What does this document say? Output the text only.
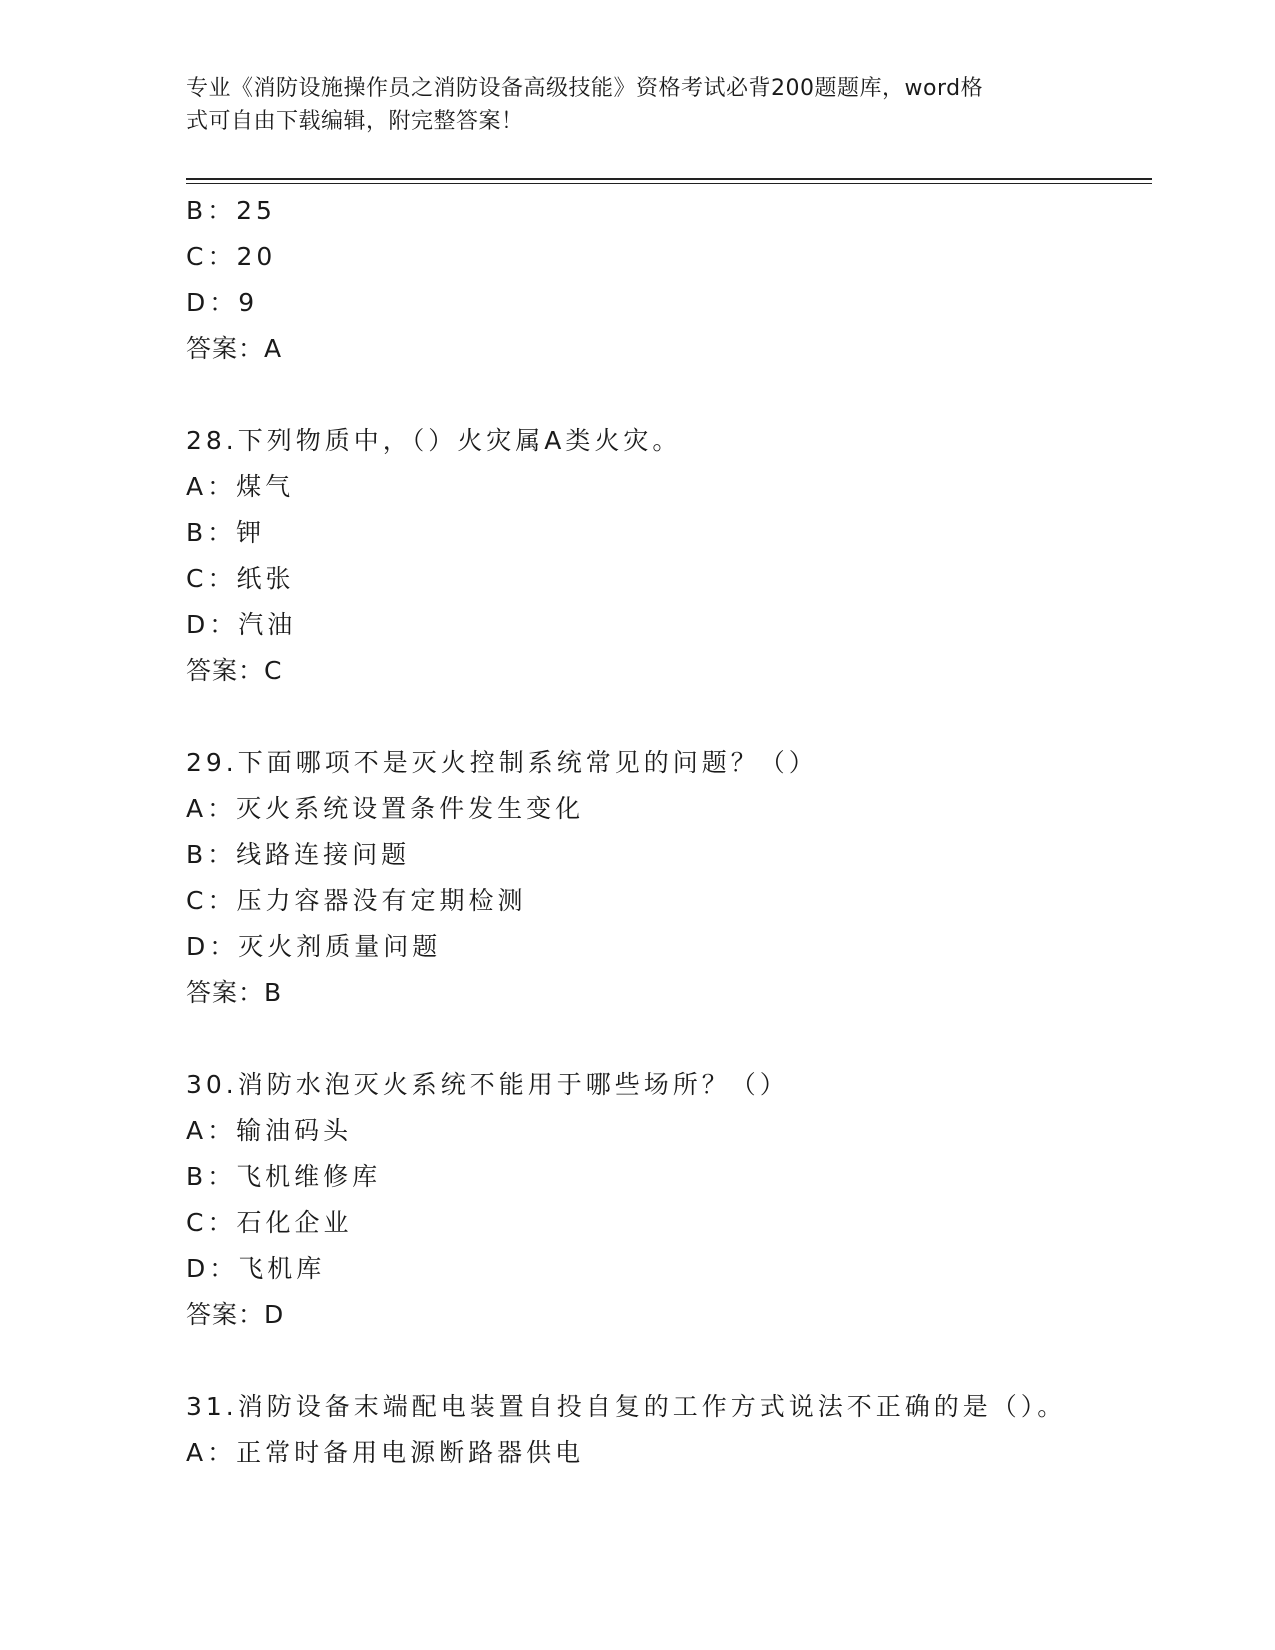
专业《消防设施操作员之消防设备高级技能》资格考试必背200题题库，word格
式可自由下载编辑，附完整答案！
B：25
C：20
D：9
答案：A
28.下列物质中，（）火灾属A类火灾。
A：煤气
B：钾
C：纸张
D：汽油
答案：C
29.下面哪项不是灭火控制系统常见的问题？（）
A：灭火系统设置条件发生变化
B：线路连接问题
C：压力容器没有定期检测
D：灭火剂质量问题
答案：B
30.消防水泡灭火系统不能用于哪些场所？（）
A：输油码头
B：飞机维修库
C：石化企业
D：飞机库
答案：D
31.消防设备末端配电装置自投自复的工作方式说法不正确的是（）。
A：正常时备用电源断路器供电
